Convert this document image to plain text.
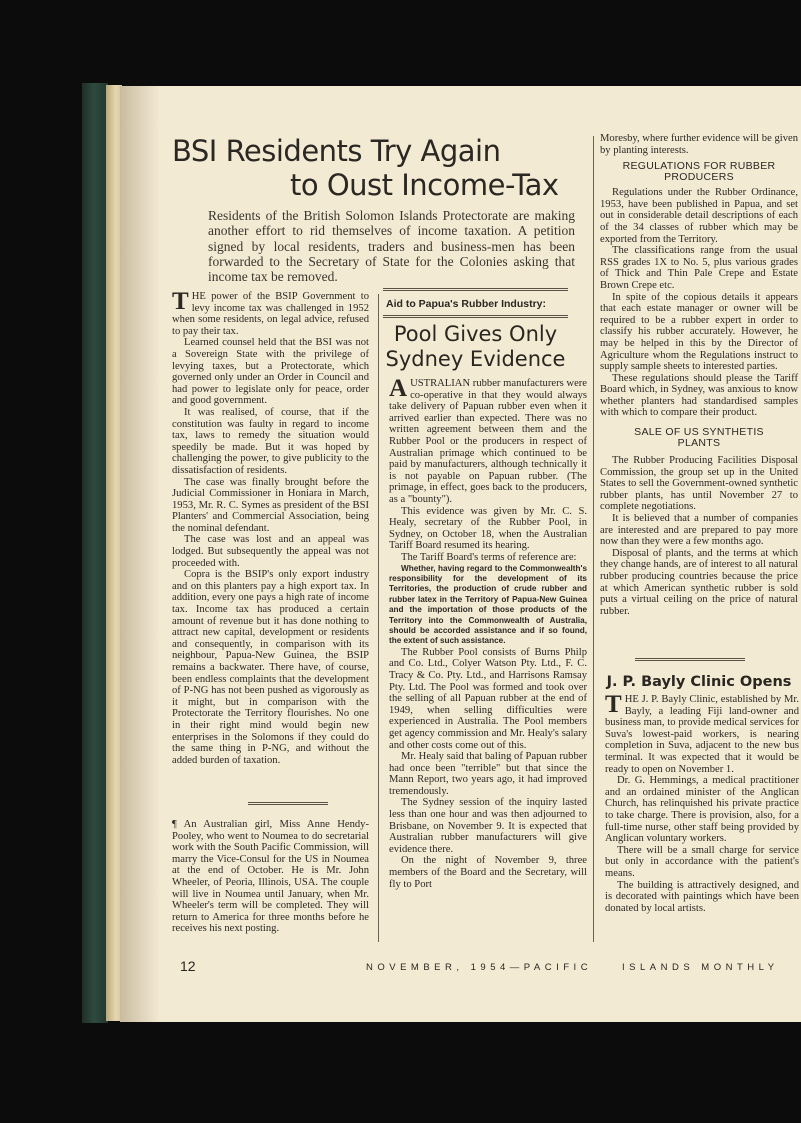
BSI Residents Try Again
to Oust Income-Tax
Residents of the British Solomon Islands Protectorate are making another effort to rid themselves of income taxation. A petition signed by local residents, traders and business-men has been forwarded to the Secretary of State for the Colonies asking that income tax be removed.

THE power of the BSIP Government to levy income tax was challenged in 1952 when some residents, on legal advice, refused to pay their tax.

Learned counsel held that the BSI was not a Sovereign State with the privilege of levying taxes, but a Protectorate, which governed only under an Order in Council and had power to legislate only for peace, order and good government.

It was realised, of course, that if the constitution was faulty in regard to income tax, laws to remedy the situation would speedily be made. But it was hoped by challenging the power, to give publicity to the dissatisfaction of residents.

The case was finally brought before the Judicial Commissioner in Honiara in March, 1953, Mr. R. C. Symes as president of the BSI Planters' and Commercial Association, being the nominal defendant.

The case was lost and an appeal was lodged. But subsequently the appeal was not proceeded with.

Copra is the BSIP's only export industry and on this planters pay a high export tax. In addition, every one pays a high rate of income tax. Income tax has produced a certain amount of revenue but it has done nothing to attract new capital, development or residents and consequently, in comparison with its neighbour, Papua-New Guinea, the BSIP remains a backwater. There have, of course, been endless complaints that the development of P-NG has not been pushed as vigorously as it might, but in comparison with the Protectorate the Territory flourishes. No one in their right mind would begin new enterprises in the Solomons if they could do the same thing in P-NG, and without the added burden of taxation.

¶ An Australian girl, Miss Anne Hendy-Pooley, who went to Noumea to do secretarial work with the South Pacific Commission, will marry the Vice-Consul for the US in Noumea at the end of October. He is Mr. John Wheeler, of Peoria, Illinois, USA. The couple will live in Noumea until January, when Mr. Wheeler's term will be completed. They will return to America for three months before he receives his next posting.

Aid to Papua's Rubber Industry:
Pool Gives Only
Sydney Evidence

AUSTRALIAN rubber manufacturers were co-operative in that they would always take delivery of Papuan rubber even when it arrived earlier than expected. There was no written agreement between them and the Rubber Pool or the producers in respect of Australian primage which continued to be paid by manufacturers, although technically it is not payable on Papuan rubber. (The primage, in effect, goes back to the producers, as a "bounty").

This evidence was given by Mr. C. S. Healy, secretary of the Rubber Pool, in Sydney, on October 18, when the Australian Tariff Board resumed its hearing.

The Tariff Board's terms of reference are:

Whether, having regard to the Commonwealth's responsibility for the development of its Territories, the production of crude rubber and rubber latex in the Territory of Papua-New Guinea and the importation of those products of the Territory into the Commonwealth of Australia, should be accorded assistance and if so found, the extent of such assistance.

The Rubber Pool consists of Burns Philp and Co. Ltd., Colyer Watson Pty. Ltd., F. C. Tracy & Co. Pty. Ltd., and Harrisons Ramsay Pty. Ltd. The Pool was formed and took over the selling of all Papuan rubber at the end of 1949, when selling difficulties were experienced in Australia. The Pool members get agency commission and Mr. Healy's salary and other costs come out of this.

Mr. Healy said that baling of Papuan rubber had once been "terrible" but that since the Mann Report, two years ago, it had improved tremendously.

The Sydney session of the inquiry lasted less than one hour and was then adjourned to Brisbane, on November 9. It is expected that Australian rubber manufacturers will give evidence there.

On the night of November 9, three members of the Board and the Secretary, will fly to Port

Moresby, where further evidence will be given by planting interests.

REGULATIONS FOR RUBBER PRODUCERS

Regulations under the Rubber Ordinance, 1953, have been published in Papua, and set out in considerable detail descriptions of each of the 34 classes of rubber which may be exported from the Territory.

The classifications range from the usual RSS grades 1X to No. 5, plus various grades of Thick and Thin Pale Crepe and Estate Brown Crepe etc.

In spite of the copious details it appears that each estate manager or owner will be required to be a rubber expert in order to classify his rubber accurately. However, he may be helped in this by the Director of Agriculture whom the Regulations instruct to supply sample sheets to interested parties.

These regulations should please the Tariff Board which, in Sydney, was anxious to know whether planters had standardised samples with which to compare their product.

SALE OF US SYNTHETIS PLANTS

The Rubber Producing Facilities Disposal Commission, the group set up in the United States to sell the Government-owned synthetic rubber plants, has until November 27 to complete negotiations.

It is believed that a number of companies are interested and are prepared to pay more now than they were a few months ago.

Disposal of plants, and the terms at which they change hands, are of interest to all natural rubber producing countries because the price at which American synthetic rubber is sold puts a virtual ceiling on the price of natural rubber.

J. P. Bayly Clinic Opens

THE J. P. Bayly Clinic, established by Mr. Bayly, a leading Fiji land-owner and business man, to provide medical services for Suva's lowest-paid workers, is nearing completion in Suva, adjacent to the new bus terminal. It was expected that it would be ready to open on November 1.

Dr. G. Hemmings, a medical practitioner and an ordained minister of the Anglican Church, has relinquished his private practice to take charge. There is provision, also, for a full-time nurse, other staff being provided by Anglican voluntary workers.

There will be a small charge for service but only in accordance with the patient's means.

The building is attractively designed, and is decorated with paintings which have been donated by local artists.

12	NOVEMBER, 1954—PACIFIC	ISLANDS MONTHLY
